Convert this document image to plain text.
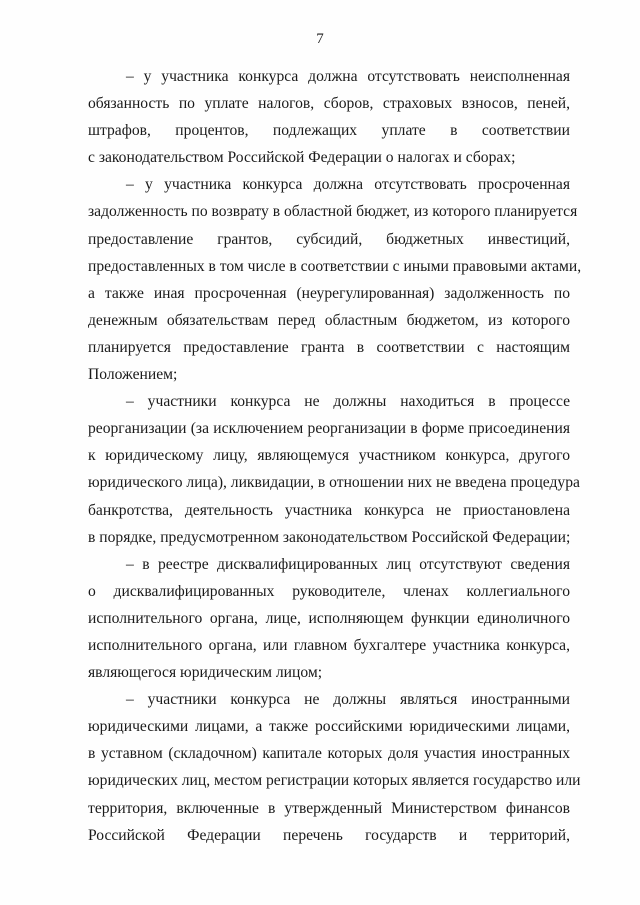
7
– у участника конкурса должна отсутствовать неисполненная
обязанность по уплате налогов, сборов, страховых взносов, пеней,
штрафов, процентов, подлежащих уплате в соответствии
с законодательством Российской Федерации о налогах и сборах;
– у участника конкурса должна отсутствовать просроченная
задолженность по возврату в областной бюджет, из которого планируется
предоставление грантов, субсидий, бюджетных инвестиций,
предоставленных в том числе в соответствии с иными правовыми актами,
а также иная просроченная (неурегулированная) задолженность по
денежным обязательствам перед областным бюджетом, из которого
планируется предоставление гранта в соответствии с настоящим
Положением;
– участники конкурса не должны находиться в процессе
реорганизации (за исключением реорганизации в форме присоединения
к юридическому лицу, являющемуся участником конкурса, другого
юридического лица), ликвидации, в отношении них не введена процедура
банкротства, деятельность участника конкурса не приостановлена
в порядке, предусмотренном законодательством Российской Федерации;
– в реестре дисквалифицированных лиц отсутствуют сведения
о дисквалифицированных руководителе, членах коллегиального
исполнительного органа, лице, исполняющем функции единоличного
исполнительного органа, или главном бухгалтере участника конкурса,
являющегося юридическим лицом;
– участники конкурса не должны являться иностранными
юридическими лицами, а также российскими юридическими лицами,
в уставном (складочном) капитале которых доля участия иностранных
юридических лиц, местом регистрации которых является государство или
территория, включенные в утвержденный Министерством финансов
Российской Федерации перечень государств и территорий,
